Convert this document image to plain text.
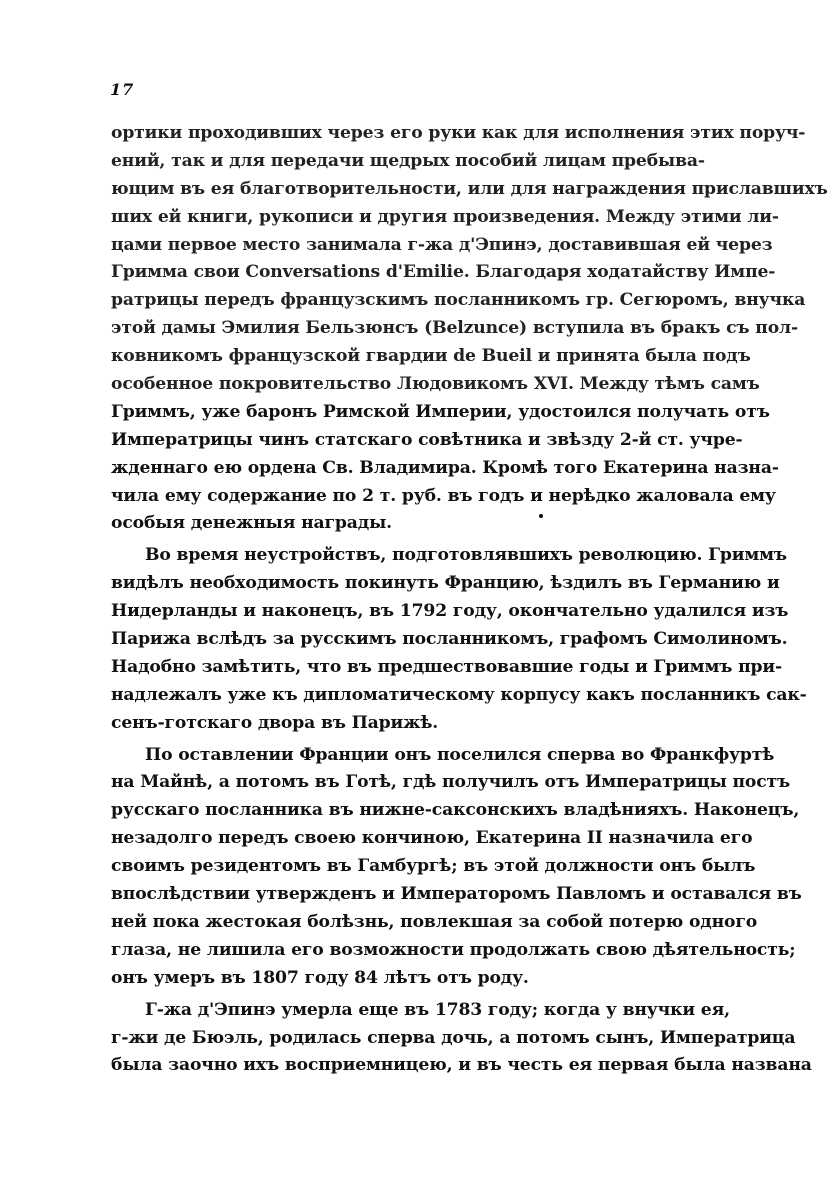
17
ортики проходивших через его руки как для исполнения этих поруч-
ений, так и для передачи щедрых пособий лицам пребыва-
ющим въ ея благотворительности, или для награждения приславшихъ
ших ей книги, рукописи и другия произведения. Между этими ли-
цами первое место занимала г-жа д'Эпинэ, доставившая ей через
Гримма свои Conversations d'Emilie. Благодаря ходатайству Импе-
ратрицы передъ французскимъ посланникомъ гр. Сегюромъ, внучка
этой дамы Эмилия Бельзюнсъ (Belzunce) вступила въ бракъ съ пол-
ковникомъ французской гвардии de Bueil и принята была подъ
особенное покровительство Людовикомъ XVI. Между тѣмъ самъ
Гриммъ, уже баронъ Римской Империи, удостоился получать отъ
Императрицы чинъ статскаго совѣтника и звѣзду 2-й ст. учре-
жденнаго ею ордена Св. Владимира. Кромѣ того Екатерина назна-
чила ему содержание по 2 т. руб. въ годъ и нерѣдко жаловала ему
особыя денежныя награды.
Во время неустройствъ, подготовлявшихъ революцию. Гриммъ
видѣлъ необходимость покинуть Францию, ѣздилъ въ Германию и
Нидерланды и наконецъ, въ 1792 году, окончательно удалился изъ
Парижа вслѣдъ за русскимъ посланникомъ, графомъ Симолиномъ.
Надобно замѣтить, что въ предшествовавшие годы и Гриммъ при-
надлежалъ уже къ дипломатическому корпусу какъ посланникъ сак-
сенъ-готскаго двора въ Парижѣ.
По оставлении Франции онъ поселился сперва во Франкфуртѣ
на Майнѣ, а потомъ въ Готѣ, гдѣ получилъ отъ Императрицы постъ
русскаго посланника въ нижне-саксонскихъ владѣнияхъ. Наконецъ,
незадолго передъ своею кончиною, Екатерина II назначила его
своимъ резидентомъ въ Гамбургѣ; въ этой должности онъ былъ
впослѣдствии утвержденъ и Императоромъ Павломъ и оставался въ
ней пока жестокая болѣзнь, повлекшая за собой потерю одного
глаза, не лишила его возможности продолжать свою дѣятельность;
онъ умеръ въ 1807 году 84 лѣтъ отъ роду.
Г-жа д'Эпинэ умерла еще въ 1783 году; когда у внучки ея,
г-жи де Бюэль, родилась сперва дочь, а потомъ сынъ, Императрица
была заочно ихъ восприемницею, и въ честь ея первая была названа
